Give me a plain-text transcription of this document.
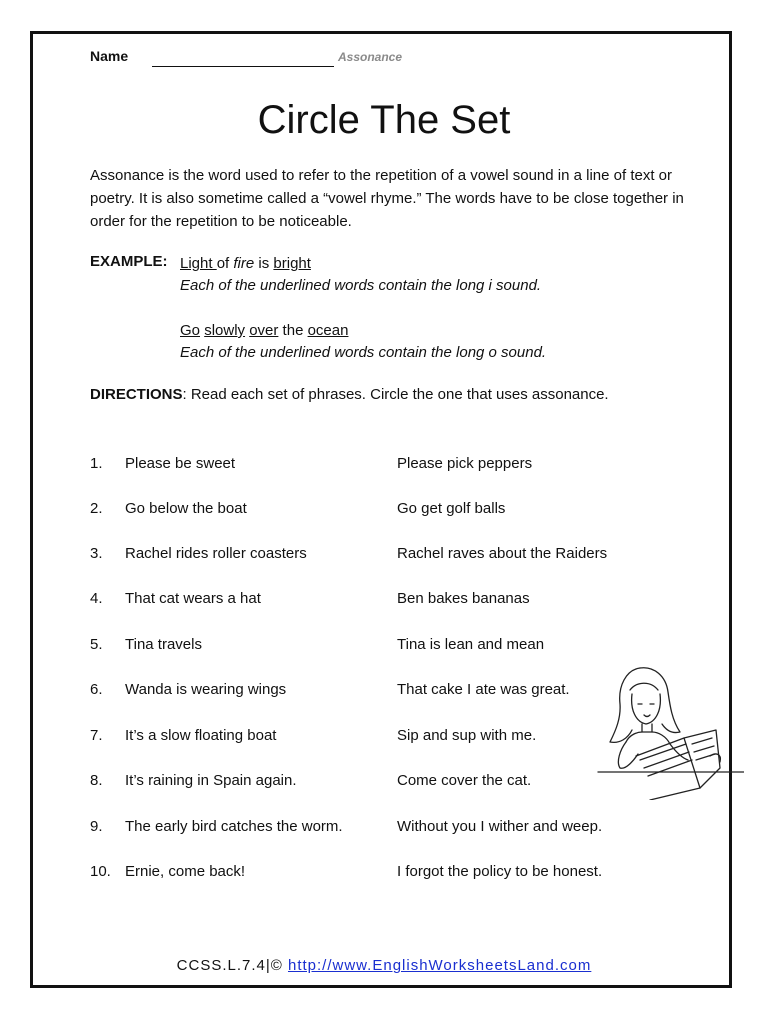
Name	Assonance
Circle The Set
Assonance is the word used to refer to the repetition of a vowel sound in a line of text or poetry. It is also sometime called a “vowel rhyme.” The words have to be close together in order for the repetition to be noticeable.
EXAMPLE: Light of fire is bright
Each of the underlined words contain the long i sound.
Go slowly over the ocean
Each of the underlined words contain the long o sound.
DIRECTIONS: Read each set of phrases. Circle the one that uses assonance.
1. Please be sweet	Please pick peppers
2. Go below the boat	Go get golf balls
3. Rachel rides roller coasters	Rachel raves about the Raiders
4. That cat wears a hat	Ben bakes bananas
5. Tina travels	Tina is lean and mean
6. Wanda is wearing wings	That cake I ate was great.
7. It’s a slow floating boat	Sip and sup with me.
8. It’s raining in Spain again.	Come cover the cat.
9. The early bird catches the worm.	Without you I wither and weep.
10. Ernie, come back!	I forgot the policy to be honest.
CCSS.L.7.4|© http://www.EnglishWorksheetsLand.com
